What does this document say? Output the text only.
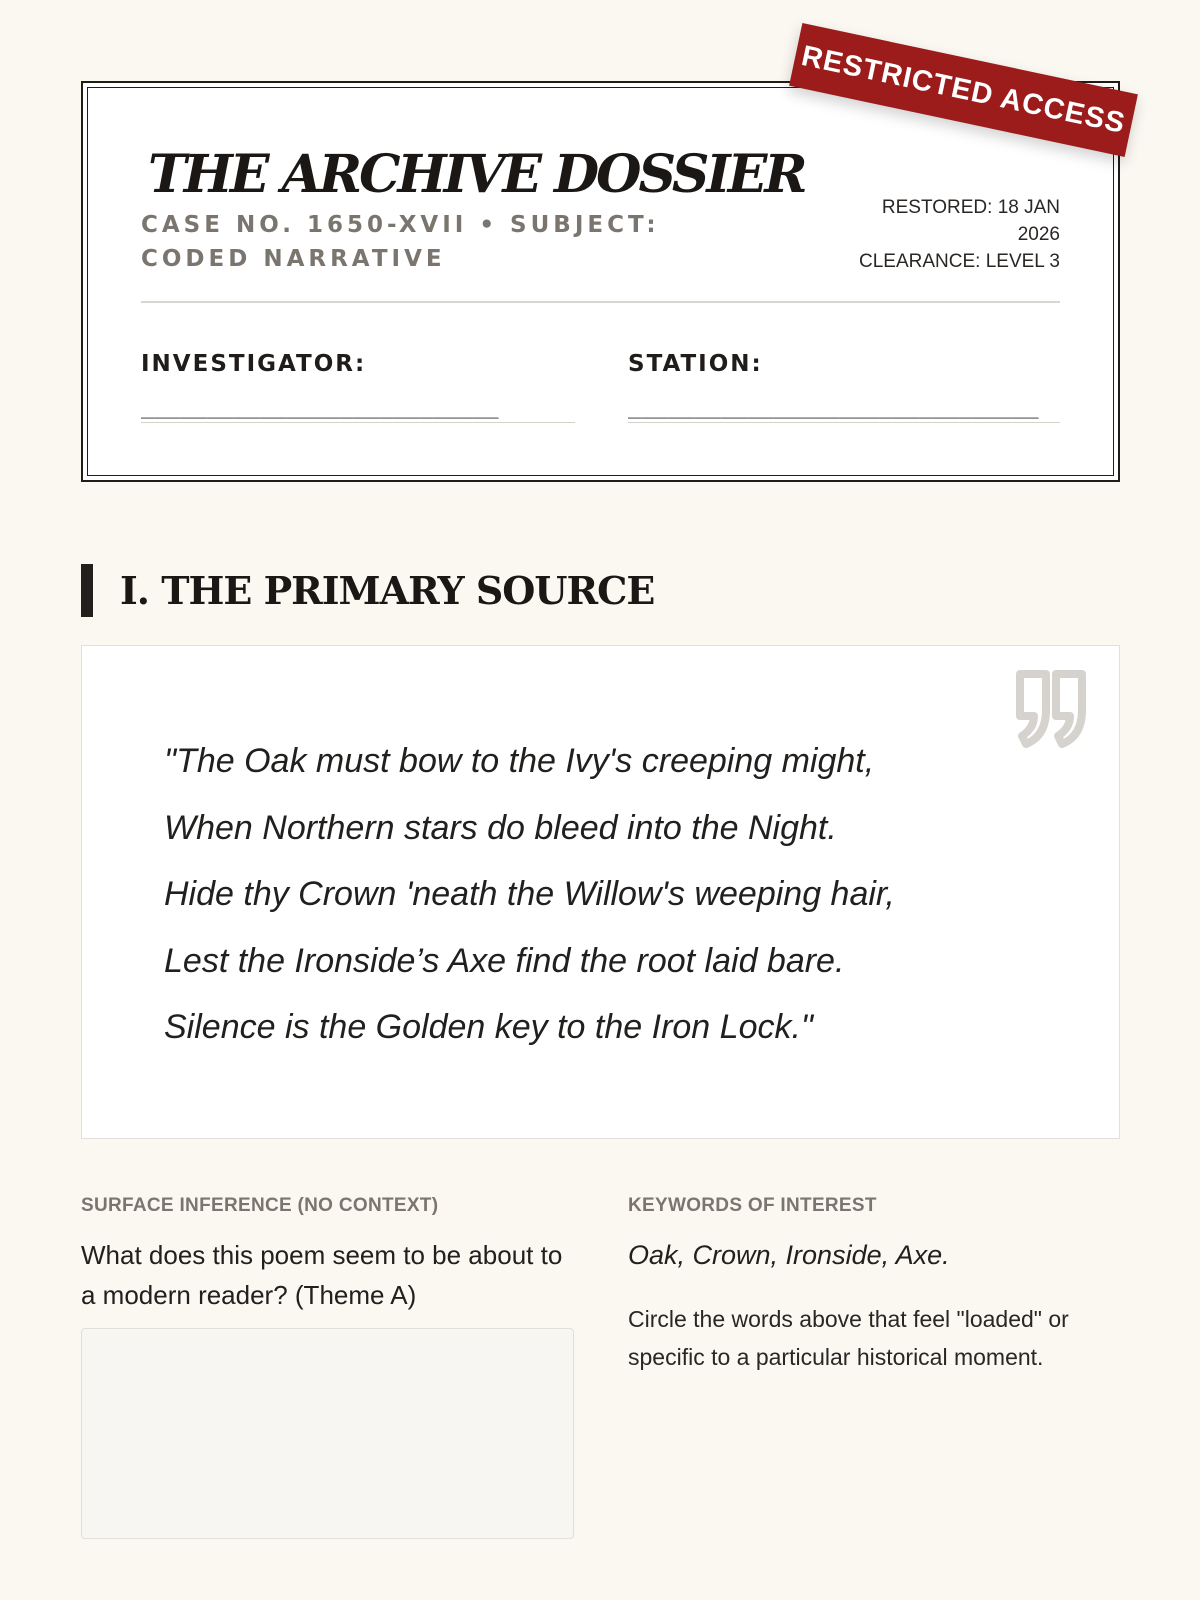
RESTRICTED ACCESS
THE ARCHIVE DOSSIER
CASE NO. 1650-XVII • SUBJECT: CODED NARRATIVE
RESTORED: 18 JAN 2026
CLEARANCE: LEVEL 3
INVESTIGATOR:
___________________________
STATION:
_______________________________
I. THE PRIMARY SOURCE
"The Oak must bow to the Ivy's creeping might,
When Northern stars do bleed into the Night.
Hide thy Crown 'neath the Willow's weeping hair,
Lest the Ironside’s Axe find the root laid bare.
Silence is the Golden key to the Iron Lock."
SURFACE INFERENCE (NO CONTEXT)
What does this poem seem to be about to a modern reader? (Theme A)
KEYWORDS OF INTEREST
Oak, Crown, Ironside, Axe.
Circle the words above that feel "loaded" or specific to a particular historical moment.
